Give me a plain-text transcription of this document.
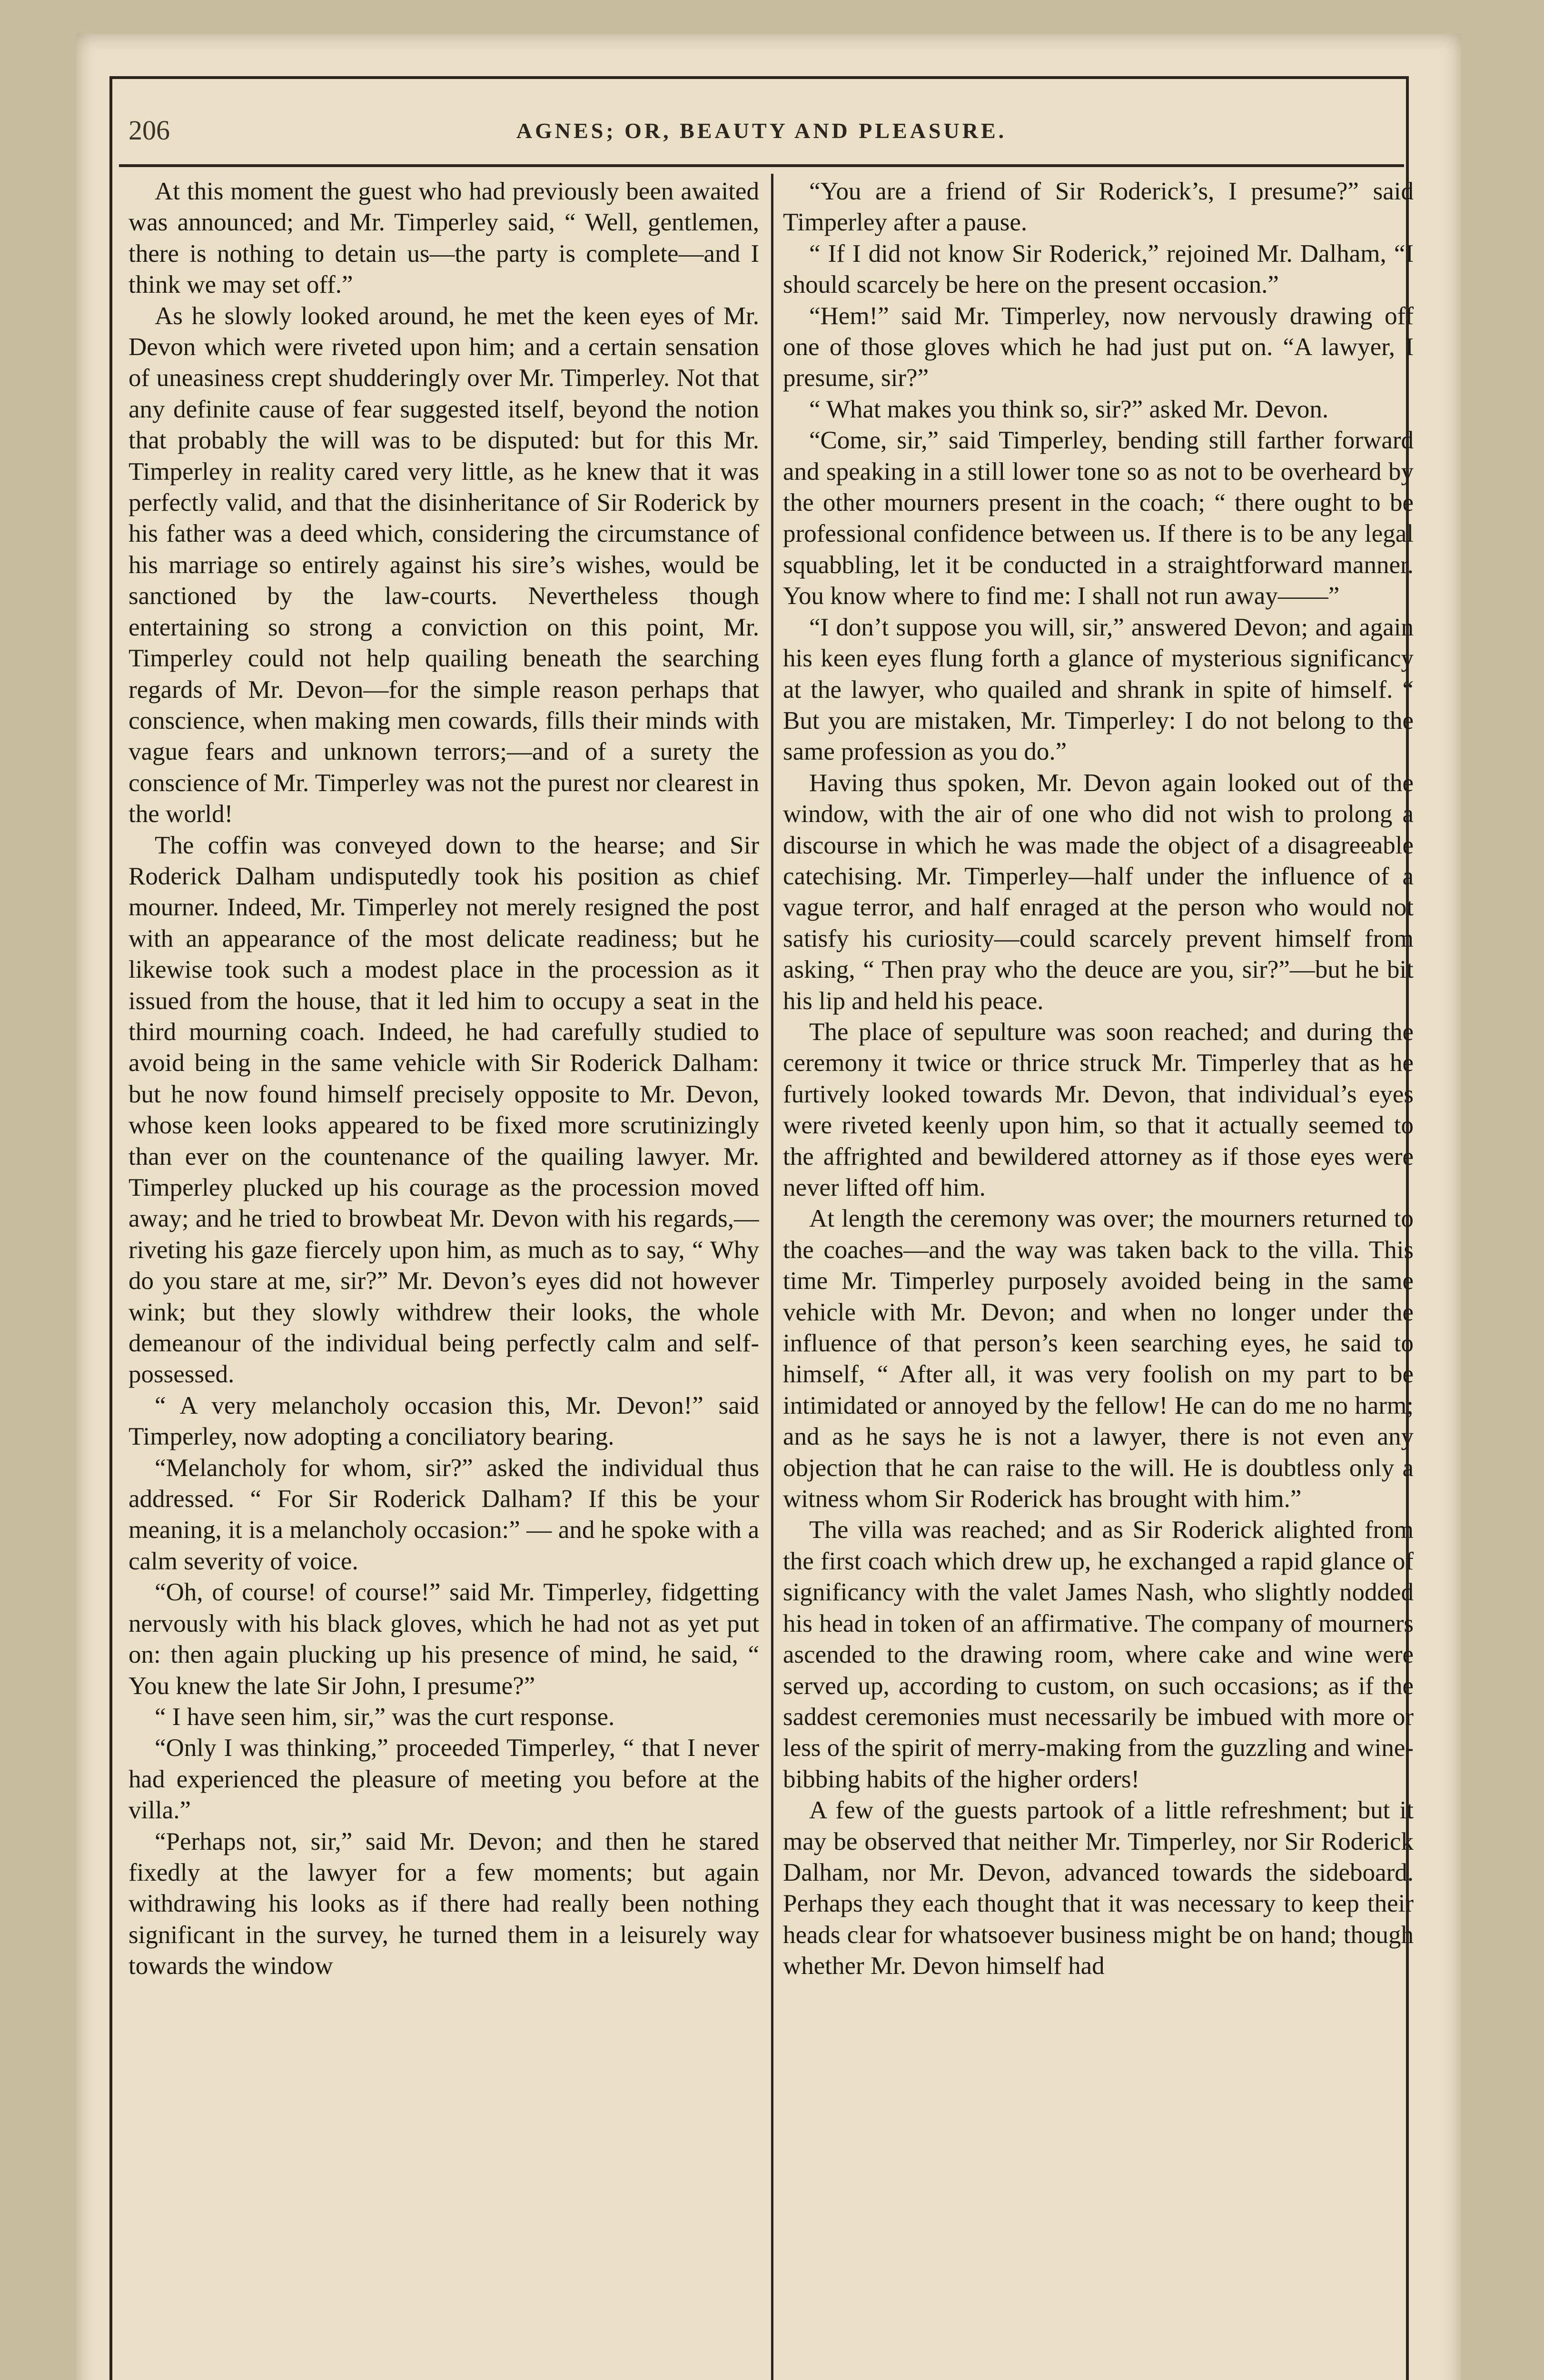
206	AGNES; OR, BEAUTY AND PLEASURE.

At this moment the guest who had previously been awaited was announced; and Mr. Timperley said, “ Well, gentlemen, there is nothing to detain us—the party is complete—and I think we may set off.”

As he slowly looked around, he met the keen eyes of Mr. Devon which were riveted upon him; and a certain sensation of uneasiness crept shudderingly over Mr. Timperley. Not that any definite cause of fear suggested itself, beyond the notion that probably the will was to be disputed: but for this Mr. Timperley in reality cared very little, as he knew that it was perfectly valid, and that the disinheritance of Sir Roderick by his father was a deed which, considering the circumstance of his marriage so entirely against his sire’s wishes, would be sanctioned by the law-courts. Nevertheless though entertaining so strong a conviction on this point, Mr. Timperley could not help quailing beneath the searching regards of Mr. Devon—for the simple reason perhaps that conscience, when making men cowards, fills their minds with vague fears and unknown terrors;—and of a surety the conscience of Mr. Timperley was not the purest nor clearest in the world!

The coffin was conveyed down to the hearse; and Sir Roderick Dalham undisputedly took his position as chief mourner. Indeed, Mr. Timperley not merely resigned the post with an appearance of the most delicate readiness; but he likewise took such a modest place in the procession as it issued from the house, that it led him to occupy a seat in the third mourning coach. Indeed, he had carefully studied to avoid being in the same vehicle with Sir Roderick Dalham: but he now found himself precisely opposite to Mr. Devon, whose keen looks appeared to be fixed more scrutinizingly than ever on the countenance of the quailing lawyer. Mr. Timperley plucked up his courage as the procession moved away; and he tried to browbeat Mr. Devon with his regards,—riveting his gaze fiercely upon him, as much as to say, “ Why do you stare at me, sir?” Mr. Devon’s eyes did not however wink; but they slowly withdrew their looks, the whole demeanour of the individual being perfectly calm and self-possessed.

“ A very melancholy occasion this, Mr. Devon!” said Timperley, now adopting a conciliatory bearing.

“Melancholy for whom, sir?” asked the individual thus addressed. “ For Sir Roderick Dalham? If this be your meaning, it is a melancholy occasion:” — and he spoke with a calm severity of voice.

“Oh, of course! of course!” said Mr. Timperley, fidgetting nervously with his black gloves, which he had not as yet put on: then again plucking up his presence of mind, he said, “ You knew the late Sir John, I presume?”

“ I have seen him, sir,” was the curt response.

“Only I was thinking,” proceeded Timperley, “ that I never had experienced the pleasure of meeting you before at the villa.”

“Perhaps not, sir,” said Mr. Devon; and then he stared fixedly at the lawyer for a few moments; but again withdrawing his looks as if there had really been nothing significant in the survey, he turned them in a leisurely way towards the window

“You are a friend of Sir Roderick’s, I presume?” said Timperley after a pause.

“ If I did not know Sir Roderick,” rejoined Mr. Dalham, “I should scarcely be here on the present occasion.”

“Hem!” said Mr. Timperley, now nervously drawing off one of those gloves which he had just put on. “A lawyer, I presume, sir?”

“ What makes you think so, sir?” asked Mr. Devon.

“Come, sir,” said Timperley, bending still farther forward and speaking in a still lower tone so as not to be overheard by the other mourners present in the coach; “ there ought to be professional confidence between us. If there is to be any legal squabbling, let it be conducted in a straightforward manner. You know where to find me: I shall not run away——”

“I don’t suppose you will, sir,” answered Devon; and again his keen eyes flung forth a glance of mysterious significancy at the lawyer, who quailed and shrank in spite of himself. “ But you are mistaken, Mr. Timperley: I do not belong to the same profession as you do.”

Having thus spoken, Mr. Devon again looked out of the window, with the air of one who did not wish to prolong a discourse in which he was made the object of a disagreeable catechising. Mr. Timperley—half under the influence of a vague terror, and half enraged at the person who would not satisfy his curiosity—could scarcely prevent himself from asking, “ Then pray who the deuce are you, sir?”—but he bit his lip and held his peace.

The place of sepulture was soon reached; and during the ceremony it twice or thrice struck Mr. Timperley that as he furtively looked towards Mr. Devon, that individual’s eyes were riveted keenly upon him, so that it actually seemed to the affrighted and bewildered attorney as if those eyes were never lifted off him.

At length the ceremony was over; the mourners returned to the coaches—and the way was taken back to the villa. This time Mr. Timperley purposely avoided being in the same vehicle with Mr. Devon; and when no longer under the influence of that person’s keen searching eyes, he said to himself, “ After all, it was very foolish on my part to be intimidated or annoyed by the fellow! He can do me no harm; and as he says he is not a lawyer, there is not even any objection that he can raise to the will. He is doubtless only a witness whom Sir Roderick has brought with him.”

The villa was reached; and as Sir Roderick alighted from the first coach which drew up, he exchanged a rapid glance of significancy with the valet James Nash, who slightly nodded his head in token of an affirmative. The company of mourners ascended to the drawing room, where cake and wine were served up, according to custom, on such occasions; as if the saddest ceremonies must necessarily be imbued with more or less of the spirit of merry-making from the guzzling and wine-bibbing habits of the higher orders!

A few of the guests partook of a little refreshment; but it may be observed that neither Mr. Timperley, nor Sir Roderick Dalham, nor Mr. Devon, advanced towards the sideboard. Perhaps they each thought that it was necessary to keep their heads clear for whatsoever business might be on hand; though whether Mr. Devon himself had
